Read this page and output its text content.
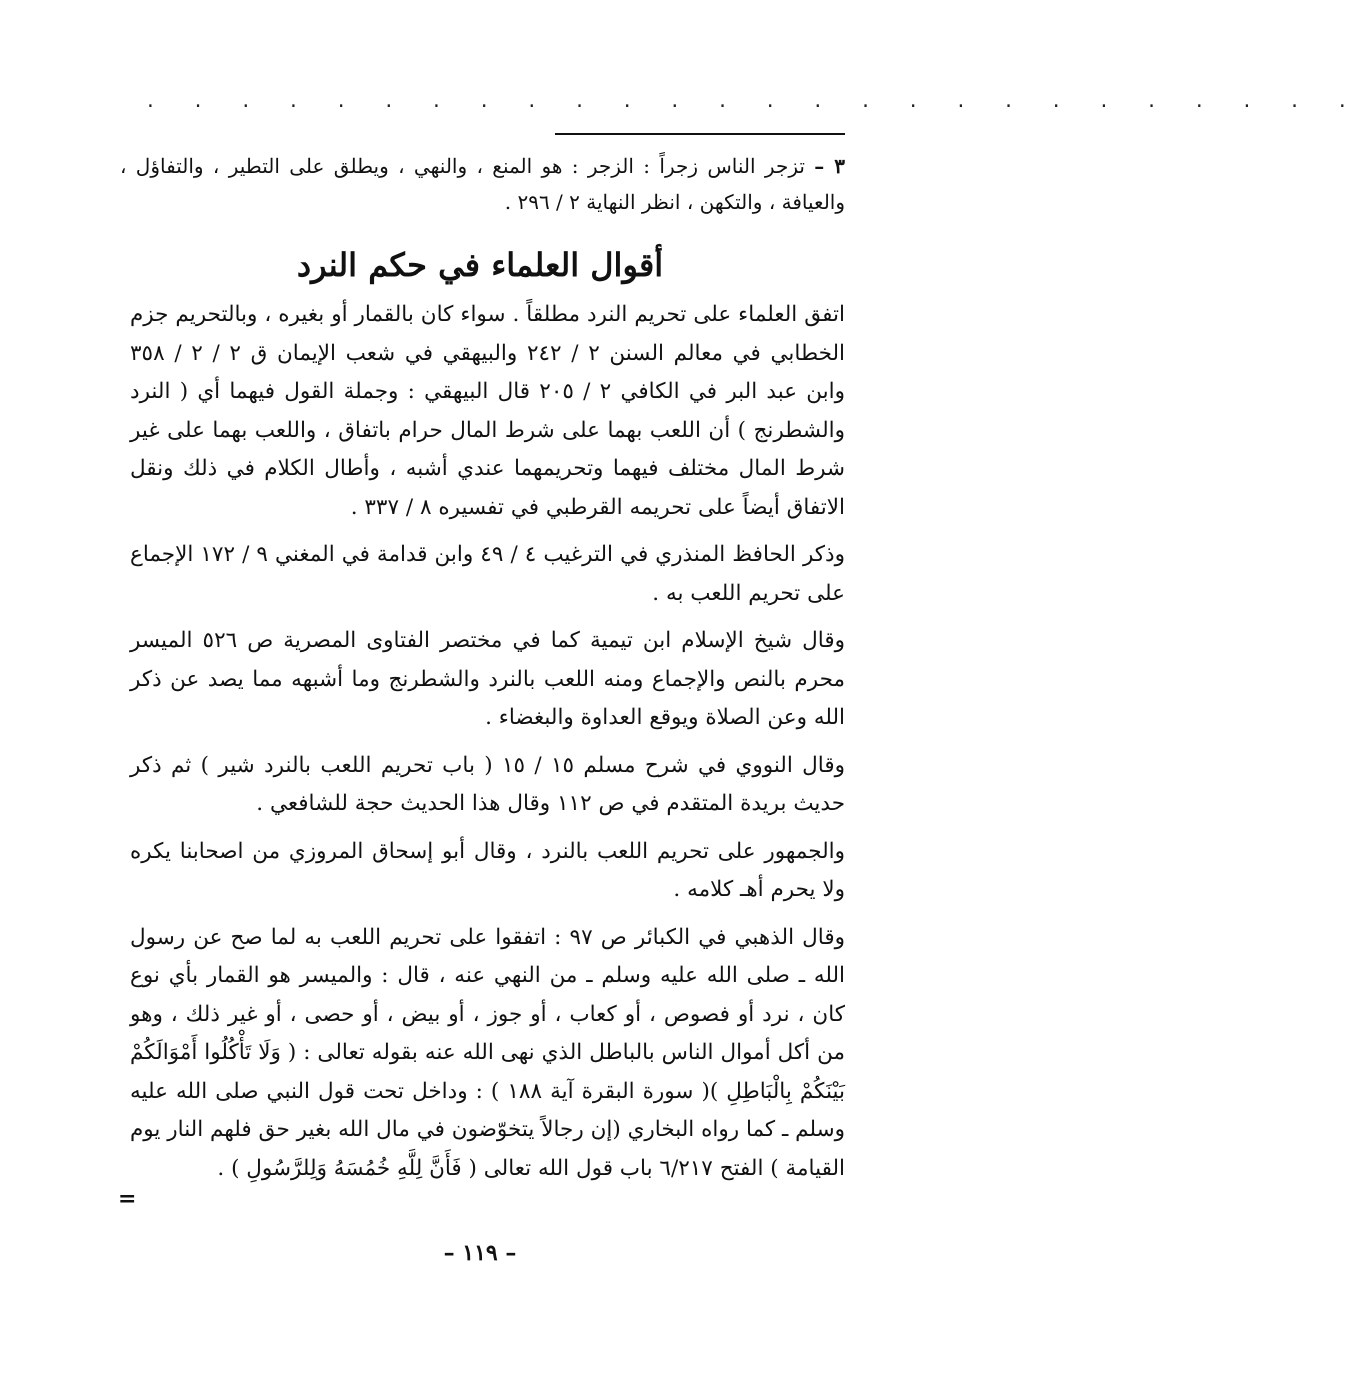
. . . . . . . . . . . . . . . . . . . . . . . . . .
٣ – تزجر الناس زجراً : الزجر : هو المنع ، والنهي ، ويطلق على التطير ، والتفاؤل ، والعيافة ، والتكهن ، انظر النهاية ٢ / ٢٩٦ .
أقوال العلماء في حكم النرد

اتفق العلماء على تحريم النرد مطلقاً . سواء كان بالقمار أو بغيره ، وبالتحريم جزم الخطابي في معالم السنن ٢ / ٢٤٢ والبيهقي في شعب الإيمان ق ٢ / ٢ / ٣٥٨ وابن عبد البر في الكافي ٢ / ٢٠٥ قال البيهقي : وجملة القول فيهما أي ( النرد والشطرنج ) أن اللعب بهما على شرط المال حرام باتفاق ، واللعب بهما على غير شرط المال مختلف فيهما وتحريمهما عندي أشبه ، وأطال الكلام في ذلك ونقل الاتفاق أيضاً على تحريمه القرطبي في تفسيره ٨ / ٣٣٧ .

وذكر الحافظ المنذري في الترغيب ٤ / ٤٩ وابن قدامة في المغني ٩ / ١٧٢ الإجماع على تحريم اللعب به .

وقال شيخ الإسلام ابن تيمية كما في مختصر الفتاوى المصرية ص ٥٢٦ الميسر محرم بالنص والإجماع ومنه اللعب بالنرد والشطرنج وما أشبهه مما يصد عن ذكر الله وعن الصلاة ويوقع العداوة والبغضاء .

وقال النووي في شرح مسلم ١٥ / ١٥ ( باب تحريم اللعب بالنرد شير ) ثم ذكر حديث بريدة المتقدم في ص ١١٢ وقال هذا الحديث حجة للشافعي .

والجمهور على تحريم اللعب بالنرد ، وقال أبو إسحاق المروزي من اصحابنا يكره ولا يحرم أهـ كلامه .

وقال الذهبي في الكبائر ص ٩٧ : اتفقوا على تحريم اللعب به لما صح عن رسول الله ـ صلى الله عليه وسلم ـ من النهي عنه ، قال : والميسر هو القمار بأي نوع كان ، نرد أو فصوص ، أو كعاب ، أو جوز ، أو بيض ، أو حصى ، أو غير ذلك ، وهو من أكل أموال الناس بالباطل الذي نهى الله عنه بقوله تعالى : ( وَلَا تَأْكُلُوا أَمْوَالَكُمْ بَيْنَكُمْ بِالْبَاطِلِ )( سورة البقرة آية ١٨٨ ) : وداخل تحت قول النبي صلى الله عليه وسلم ـ كما رواه البخاري (إن رجالاً يتخوّضون في مال الله بغير حق فلهم النار يوم القيامة ) الفتح ٦/٢١٧ باب قول الله تعالى ( فَأَنَّ لِلَّهِ خُمُسَهُ وَلِلرَّسُولِ ) .

=
– ١١٩ –
